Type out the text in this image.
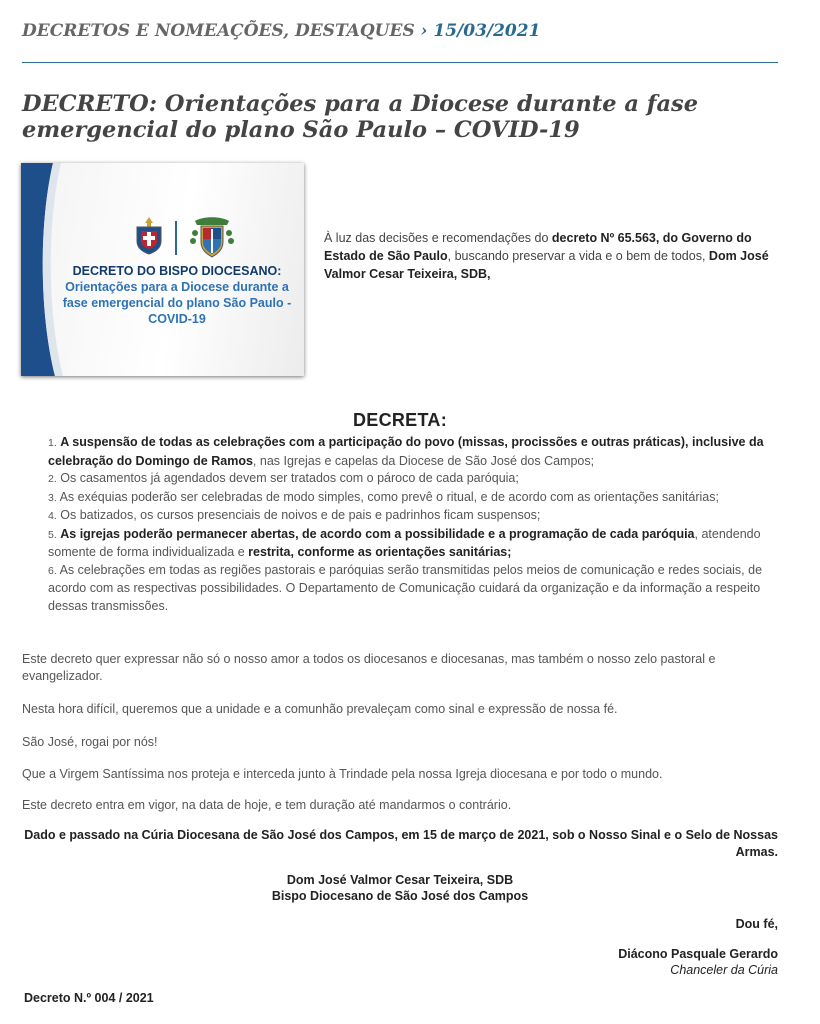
DECRETOS E NOMEAÇÕES, DESTAQUES › 15/03/2021
DECRETO: Orientações para a Diocese durante a fase emergencial do plano São Paulo – COVID-19
DECRETO DO BISPO DIOCESANO:
Orientações para a Diocese durante a fase emergencial do plano São Paulo - COVID-19

À luz das decisões e recomendações do decreto Nº 65.563, do Governo do Estado de São Paulo, buscando preservar a vida e o bem de todos, Dom José Valmor Cesar Teixeira, SDB,

DECRETA:
1. A suspensão de todas as celebrações com a participação do povo (missas, procissões e outras práticas), inclusive da celebração do Domingo de Ramos, nas Igrejas e capelas da Diocese de São José dos Campos;
2. Os casamentos já agendados devem ser tratados com o pároco de cada paróquia;
3. As exéquias poderão ser celebradas de modo simples, como prevê o ritual, e de acordo com as orientações sanitárias;
4. Os batizados, os cursos presenciais de noivos e de pais e padrinhos ficam suspensos;
5. As igrejas poderão permanecer abertas, de acordo com a possibilidade e a programação de cada paróquia, atendendo somente de forma individualizada e restrita, conforme as orientações sanitárias;
6. As celebrações em todas as regiões pastorais e paróquias serão transmitidas pelos meios de comunicação e redes sociais, de acordo com as respectivas possibilidades. O Departamento de Comunicação cuidará da organização e da informação a respeito dessas transmissões.

Este decreto quer expressar não só o nosso amor a todos os diocesanos e diocesanas, mas também o nosso zelo pastoral e evangelizador.

Nesta hora difícil, queremos que a unidade e a comunhão prevaleçam como sinal e expressão de nossa fé.

São José, rogai por nós!

Que a Virgem Santíssima nos proteja e interceda junto à Trindade pela nossa Igreja diocesana e por todo o mundo.

Este decreto entra em vigor, na data de hoje, e tem duração até mandarmos o contrário.

Dado e passado na Cúria Diocesana de São José dos Campos, em 15 de março de 2021, sob o Nosso Sinal e o Selo de Nossas Armas.

Dom José Valmor Cesar Teixeira, SDB

Bispo Diocesano de São José dos Campos

Dou fé,

Diácono Pasquale Gerardo

Chanceler da Cúria

Decreto N.º 004 / 2021
